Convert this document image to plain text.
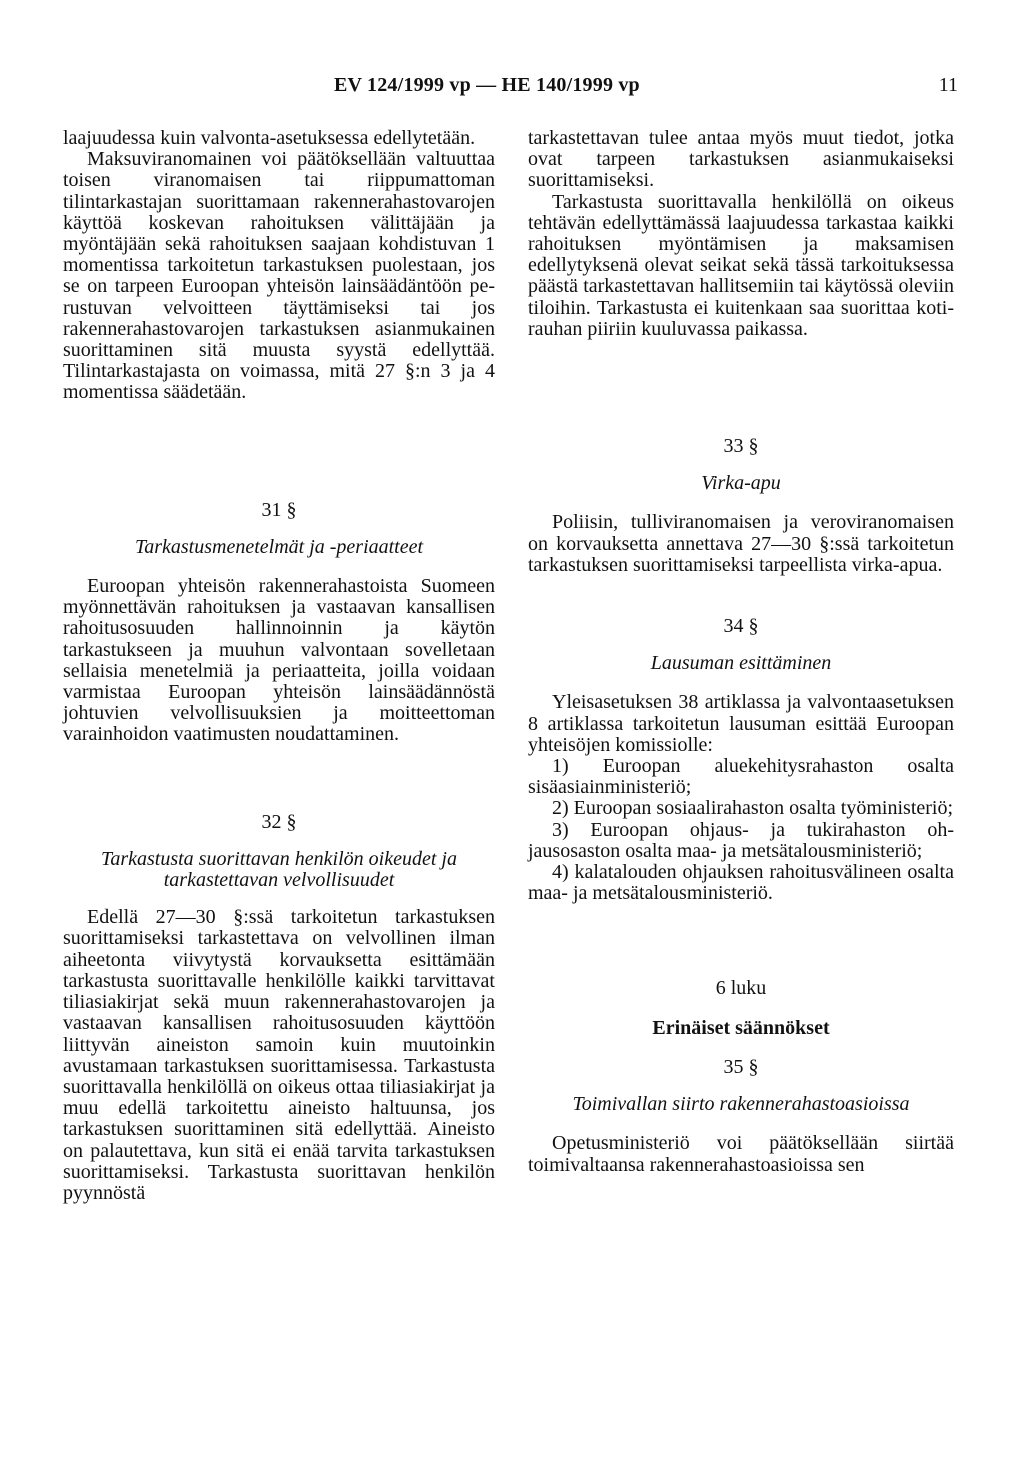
EV 124/1999 vp — HE 140/1999 vp	11

laajuudessa kuin valvonta-asetuksessa edellytetään.

Maksuviranomainen voi päätöksellään valtuuttaa toisen viranomaisen tai riippumattoman tilintarkastajan suorittamaan rakennerahastovarojen käyttöä koskevan rahoituksen välittäjään ja myöntäjään sekä rahoituksen saajaan kohdistuvan 1 momentissa tarkoitetun tarkastuksen puolestaan, jos se on tarpeen Euroopan yhteisön lainsäädäntöön perustuvan velvoitteen täyttämiseksi tai jos rakennerahastovarojen tarkastuksen asianmukainen suorittaminen sitä muusta syystä edellyttää. Tilintarkastajasta on voimassa, mitä 27 §:n 3 ja 4 momentissa säädetään.

31 §

Tarkastusmenetelmät ja -periaatteet

Euroopan yhteisön rakennerahastoista Suomeen myönnettävän rahoituksen ja vastaavan kansallisen rahoitusosuuden hallinnoinnin ja käytön tarkastukseen ja muuhun valvontaan sovelletaan sellaisia menetelmiä ja periaatteita, joilla voidaan varmistaa Euroopan yhteisön lainsäädännöstä johtuvien velvollisuuksien ja moitteettoman varainhoidon vaatimusten noudattaminen.

32 §

Tarkastusta suorittavan henkilön oikeudet ja tarkastettavan velvollisuudet

Edellä 27—30 §:ssä tarkoitetun tarkastuksen suorittamiseksi tarkastettava on velvollinen ilman aiheetonta viivytystä korvauksetta esittämään tarkastusta suorittavalle henkilölle kaikki tarvittavat tiliasiakirjat sekä muun rakennerahastovarojen ja vastaavan kansallisen rahoitusosuuden käyttöön liittyvän aineiston samoin kuin muutoinkin avustamaan tarkastuksen suorittamisessa. Tarkastusta suorittavalla henkilöllä on oikeus ottaa tiliasiakirjat ja muu edellä tarkoitettu aineisto haltuunsa, jos tarkastuksen suorittaminen sitä edellyttää. Aineisto on palautettava, kun sitä ei enää tarvita tarkastuksen suorittamiseksi. Tarkastusta suorittavan henkilön pyynnöstä

tarkastettavan tulee antaa myös muut tiedot, jotka ovat tarpeen tarkastuksen asianmukaiseksi suorittamiseksi.

Tarkastusta suorittavalla henkilöllä on oikeus tehtävän edellyttämässä laajuudessa tarkastaa kaikki rahoituksen myöntämisen ja maksamisen edellytyksenä olevat seikat sekä tässä tarkoituksessa päästä tarkastettavan hallitsemiin tai käytössä oleviin tiloihin. Tarkastusta ei kuitenkaan saa suorittaa kotirauhan piiriin kuuluvassa paikassa.

33 §

Virka-apu

Poliisin, tulliviranomaisen ja veroviranomaisen on korvauksetta annettava 27—30 §:ssä tarkoitetun tarkastuksen suorittamiseksi tarpeellista virka-apua.

34 §

Lausuman esittäminen

Yleisasetuksen 38 artiklassa ja valvontaasetuksen 8 artiklassa tarkoitetun lausuman esittää Euroopan yhteisöjen komissiolle:

1) Euroopan aluekehitysrahaston osalta sisäasiainministeriö;

2) Euroopan sosiaalirahaston osalta työministeriö;

3) Euroopan ohjaus- ja tukirahaston ohjausosaston osalta maa- ja metsätalousministeriö;

4) kalatalouden ohjauksen rahoitusvälineen osalta maa- ja metsätalousministeriö.

6 luku

Erinäiset säännökset

35 §

Toimivallan siirto rakennerahastoasioissa

Opetusministeriö voi päätöksellään siirtää toimivaltaansa rakennerahastoasioissa sen
